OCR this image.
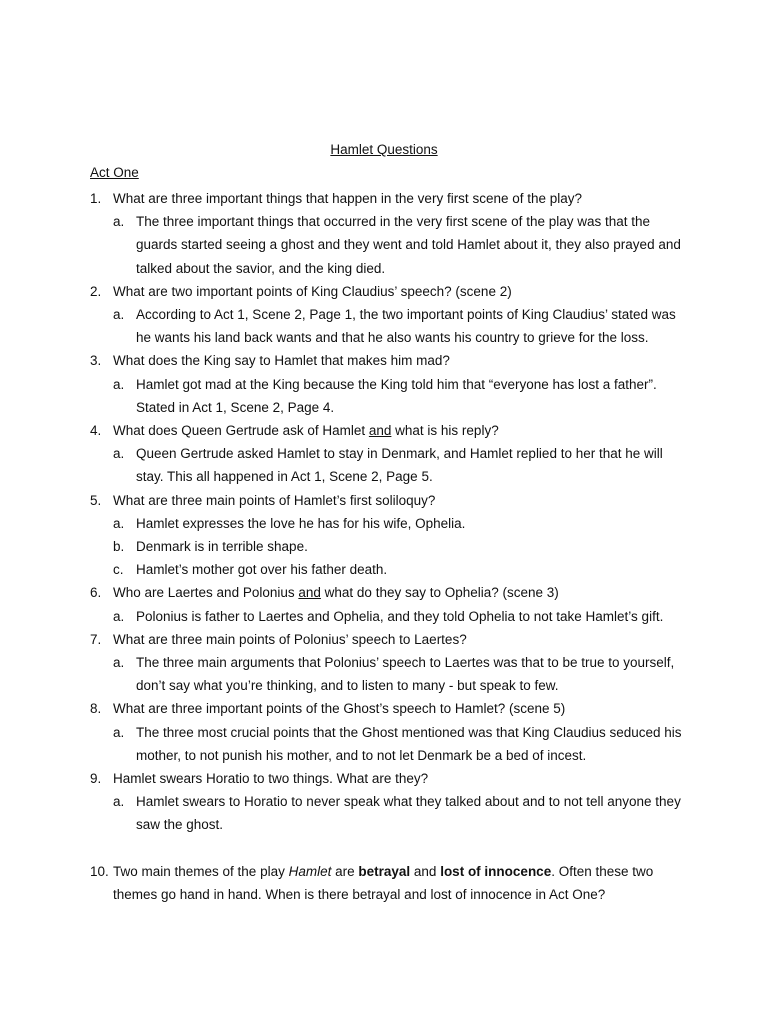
Hamlet Questions
Act One
1. What are three important things that happen in the very first scene of the play?
a. The three important things that occurred in the very first scene of the play was that the guards started seeing a ghost and they went and told Hamlet about it, they also prayed and talked about the savior, and the king died.
2. What are two important points of King Claudius’ speech? (scene 2)
a. According to Act 1, Scene 2, Page 1, the two important points of King Claudius’ stated was he wants his land back wants and that he also wants his country to grieve for the loss.
3. What does the King say to Hamlet that makes him mad?
a. Hamlet got mad at the King because the King told him that “everyone has lost a father”. Stated in Act 1, Scene 2, Page 4.
4. What does Queen Gertrude ask of Hamlet and what is his reply?
a. Queen Gertrude asked Hamlet to stay in Denmark, and Hamlet replied to her that he will stay. This all happened in Act 1, Scene 2, Page 5.
5. What are three main points of Hamlet’s first soliloquy?
a. Hamlet expresses the love he has for his wife, Ophelia.
b. Denmark is in terrible shape.
c. Hamlet’s mother got over his father death.
6. Who are Laertes and Polonius and what do they say to Ophelia? (scene 3)
a. Polonius is father to Laertes and Ophelia, and they told Ophelia to not take Hamlet’s gift.
7. What are three main points of Polonius’ speech to Laertes?
a. The three main arguments that Polonius’ speech to Laertes was that to be true to yourself, don’t say what you’re thinking, and to listen to many - but speak to few.
8. What are three important points of the Ghost’s speech to Hamlet? (scene 5)
a. The three most crucial points that the Ghost mentioned was that King Claudius seduced his mother, to not punish his mother, and to not let Denmark be a bed of incest.
9. Hamlet swears Horatio to two things. What are they?
a. Hamlet swears to Horatio to never speak what they talked about and to not tell anyone they saw the ghost.
10. Two main themes of the play Hamlet are betrayal and lost of innocence. Often these two themes go hand in hand. When is there betrayal and lost of innocence in Act One?
